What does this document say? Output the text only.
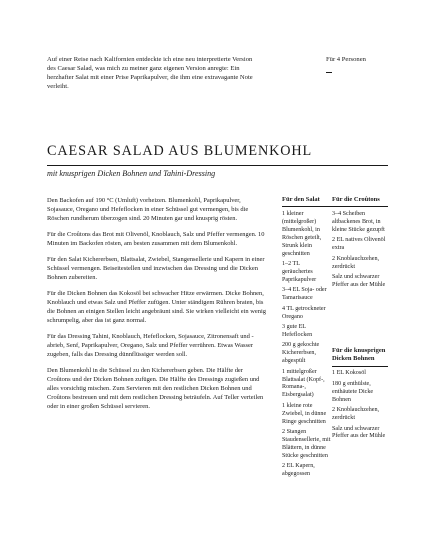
Auf einer Reise nach Kalifornien entdeckte ich eine neu interpretierte Version des Caesar Salad, was mich zu meiner ganz eigenen Version anregte: Ein herzhafter Salat mit einer Prise Paprikapulver, die ihm eine extravagante Note verleiht.
Für 4 Personen
CAESAR SALAD AUS BLUMENKOHL
mit knusprigen Dicken Bohnen und Tahini-Dressing

Den Backofen auf 190 °C (Umluft) vorheizen. Blumenkohl, Paprikapulver, Sojasauce, Oregano und Hefeflocken in einer Schüssel gut vermengen, bis die Röschen rundherum überzogen sind. 20 Minuten gar und knusprig rösten.

Für die Croûtons das Brot mit Olivenöl, Knoblauch, Salz und Pfeffer vermengen. 10 Minuten im Backofen rösten, am besten zusammen mit dem Blumenkohl.

Für den Salat Kichererbsen, Blattsalat, Zwiebel, Stangensellerie und Kapern in einer Schüssel vermengen. Beiseitestellen und inzwischen das Dressing und die Dicken Bohnen zubereiten.

Für die Dicken Bohnen das Kokosöl bei schwacher Hitze erwärmen. Dicke Bohnen, Knoblauch und etwas Salz und Pfeffer zufügen. Unter ständigem Rühren braten, bis die Bohnen an einigen Stellen leicht angebräunt sind. Sie wirken vielleicht ein wenig schrumpelig, aber das ist ganz normal.

Für das Dressing Tahini, Knoblauch, Hefeflocken, Sojasauce, Zitronensaft und -abrieb, Senf, Paprikapulver, Oregano, Salz und Pfeffer verrühren. Etwas Wasser zugeben, falls das Dressing dünnflüssiger werden soll.

Den Blumenkohl in die Schüssel zu den Kichererbsen geben. Die Hälfte der Croûtons und der Dicken Bohnen zufügen. Die Hälfte des Dressings zugießen und alles vorsichtig mischen. Zum Servieren mit den restlichen Dicken Bohnen und Croûtons bestreuen und mit dem restlichen Dressing beträufeln. Auf Teller verteilen oder in einer großen Schüssel servieren.

Für den Salat
1 kleiner (mittelgroßer) Blumenkohl, in Röschen geteilt, Strunk klein geschnitten
1–2 TL geräuchertes Paprikapulver
3–4 EL Soja- oder Tamarisauce
4 TL getrockneter Oregano
3 gute EL Hefeflocken
200 g gekochte Kichererbsen, abgespült
1 mittelgroßer Blattsalat (Kopf-, Romana-, Eisbergsalat)
1 kleine rote Zwiebel, in dünne Ringe geschnitten
2 Stangen Staudensellerie, mit Blättern, in dünne Stücke geschnitten
2 EL Kapern, abgegossen
Für die Croûtons
3–4 Scheiben altbackenes Brot, in kleine Stücke gezupft
2 EL natives Olivenöl extra
2 Knoblauchzehen, zerdrückt
Salz und schwarzer Pfeffer aus der Mühle
Für die knusprigen Dicken Bohnen
1 EL Kokosöl
180 g enthülste, enthäutete Dicke Bohnen
2 Knoblauchzehen, zerdrückt
Salz und schwarzer Pfeffer aus der Mühle
